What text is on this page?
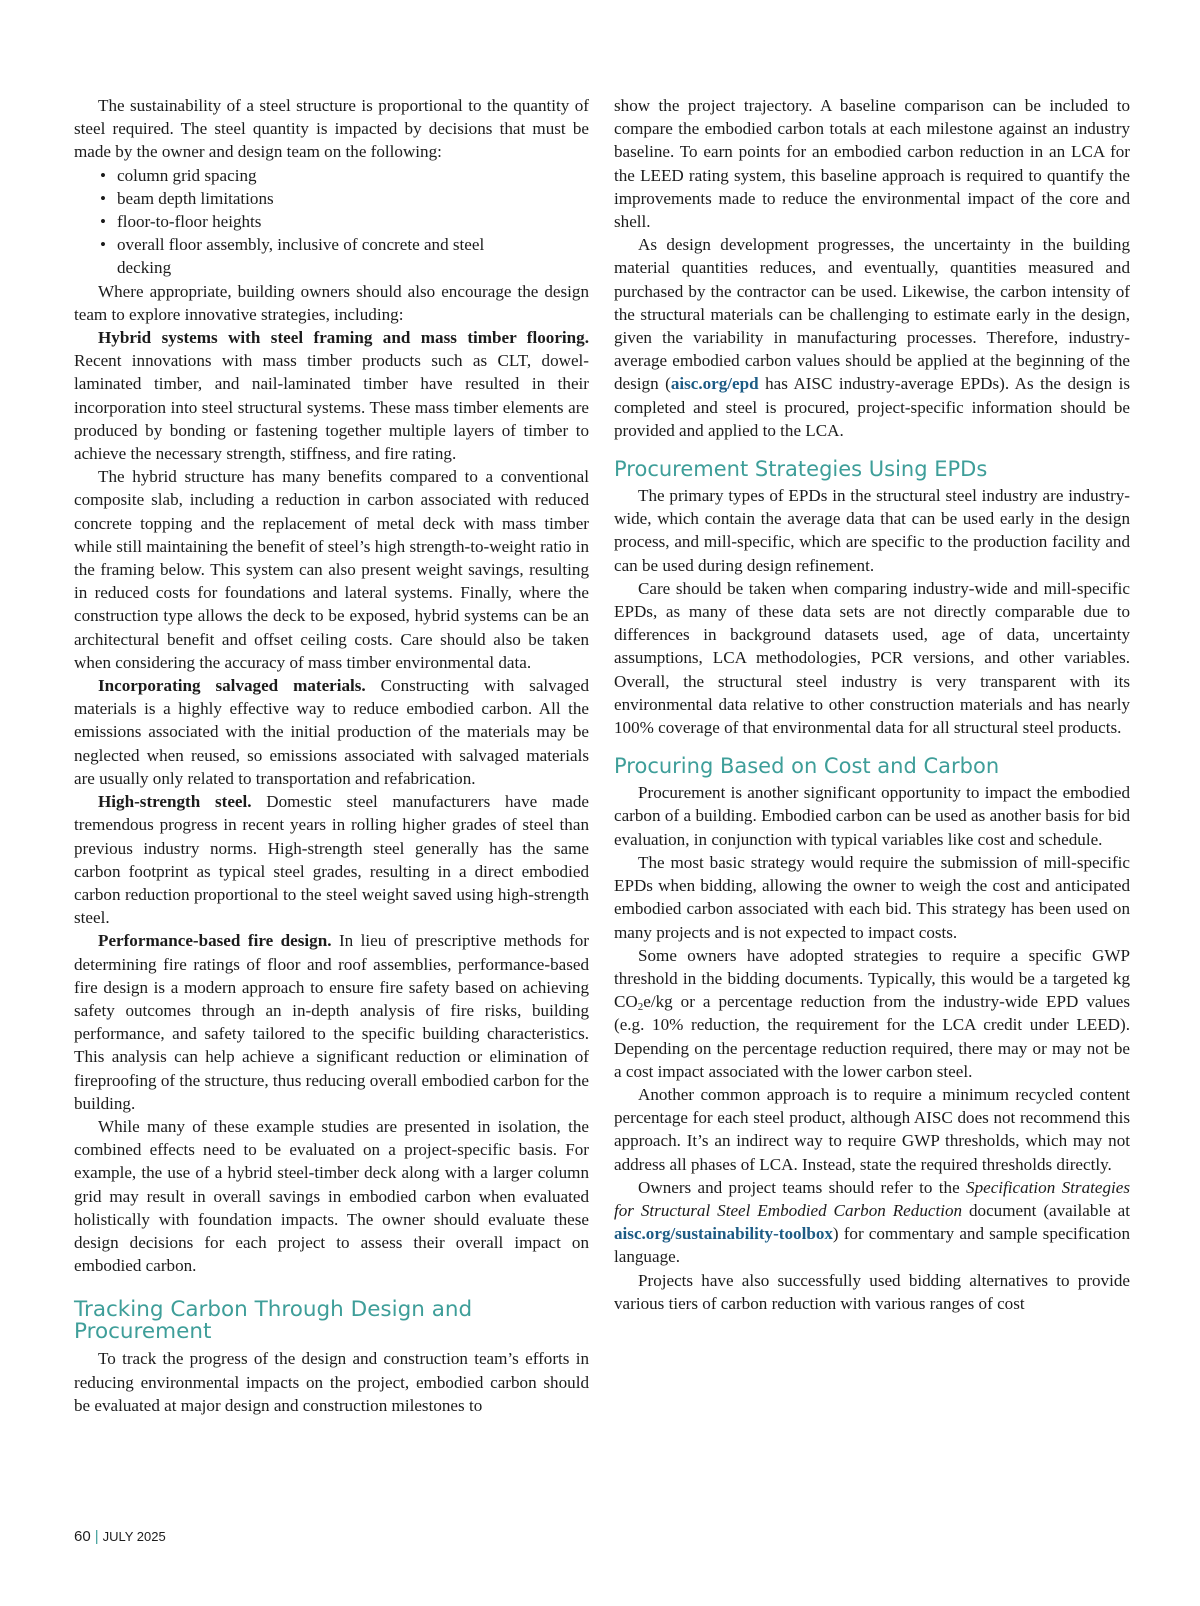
The sustainability of a steel structure is proportional to the quantity of steel required. The steel quantity is impacted by decisions that must be made by the owner and design team on the following:

• column grid spacing
• beam depth limitations
• floor-to-floor heights
• overall floor assembly, inclusive of concrete and steel decking

Where appropriate, building owners should also encourage the design team to explore innovative strategies, including:

Hybrid systems with steel framing and mass timber flooring. Recent innovations with mass timber products such as CLT, dowel-laminated timber, and nail-laminated timber have resulted in their incorporation into steel structural systems. These mass timber elements are produced by bonding or fastening together multiple layers of timber to achieve the necessary strength, stiffness, and fire rating.

The hybrid structure has many benefits compared to a conventional composite slab, including a reduction in carbon associated with reduced concrete topping and the replacement of metal deck with mass timber while still maintaining the benefit of steel’s high strength-to-weight ratio in the framing below. This system can also present weight savings, resulting in reduced costs for foundations and lateral systems. Finally, where the construction type allows the deck to be exposed, hybrid systems can be an architectural benefit and offset ceiling costs. Care should also be taken when considering the accuracy of mass timber environmental data.

Incorporating salvaged materials. Constructing with salvaged materials is a highly effective way to reduce embodied carbon. All the emissions associated with the initial production of the materials may be neglected when reused, so emissions associated with salvaged materials are usually only related to transportation and refabrication.

High-strength steel. Domestic steel manufacturers have made tremendous progress in recent years in rolling higher grades of steel than previous industry norms. High-strength steel generally has the same carbon footprint as typical steel grades, resulting in a direct embodied carbon reduction proportional to the steel weight saved using high-strength steel.

Performance-based fire design. In lieu of prescriptive methods for determining fire ratings of floor and roof assemblies, performance-based fire design is a modern approach to ensure fire safety based on achieving safety outcomes through an in-depth analysis of fire risks, building performance, and safety tailored to the specific building characteristics. This analysis can help achieve a significant reduction or elimination of fireproofing of the structure, thus reducing overall embodied carbon for the building.

While many of these example studies are presented in isolation, the combined effects need to be evaluated on a project-specific basis. For example, the use of a hybrid steel-timber deck along with a larger column grid may result in overall savings in embodied carbon when evaluated holistically with foundation impacts. The owner should evaluate these design decisions for each project to assess their overall impact on embodied carbon.

Tracking Carbon Through Design and Procurement

To track the progress of the design and construction team’s efforts in reducing environmental impacts on the project, embodied carbon should be evaluated at major design and construction milestones to

show the project trajectory. A baseline comparison can be included to compare the embodied carbon totals at each milestone against an industry baseline. To earn points for an embodied carbon reduction in an LCA for the LEED rating system, this baseline approach is required to quantify the improvements made to reduce the environmental impact of the core and shell.

As design development progresses, the uncertainty in the building material quantities reduces, and eventually, quantities measured and purchased by the contractor can be used. Likewise, the carbon intensity of the structural materials can be challenging to estimate early in the design, given the variability in manufacturing processes. Therefore, industry-average embodied carbon values should be applied at the beginning of the design (aisc.org/epd has AISC industry-average EPDs). As the design is completed and steel is procured, project-specific information should be provided and applied to the LCA.

Procurement Strategies Using EPDs

The primary types of EPDs in the structural steel industry are industry-wide, which contain the average data that can be used early in the design process, and mill-specific, which are specific to the production facility and can be used during design refinement.

Care should be taken when comparing industry-wide and mill-specific EPDs, as many of these data sets are not directly comparable due to differences in background datasets used, age of data, uncertainty assumptions, LCA methodologies, PCR versions, and other variables. Overall, the structural steel industry is very transparent with its environmental data relative to other construction materials and has nearly 100% coverage of that environmental data for all structural steel products.

Procuring Based on Cost and Carbon

Procurement is another significant opportunity to impact the embodied carbon of a building. Embodied carbon can be used as another basis for bid evaluation, in conjunction with typical variables like cost and schedule.

The most basic strategy would require the submission of mill-specific EPDs when bidding, allowing the owner to weigh the cost and anticipated embodied carbon associated with each bid. This strategy has been used on many projects and is not expected to impact costs.

Some owners have adopted strategies to require a specific GWP threshold in the bidding documents. Typically, this would be a targeted kg $CO_2e/kg$ or a percentage reduction from the industry-wide EPD values (e.g. 10% reduction, the requirement for the LCA credit under LEED). Depending on the percentage reduction required, there may or may not be a cost impact associated with the lower carbon steel.

Another common approach is to require a minimum recycled content percentage for each steel product, although AISC does not recommend this approach. It’s an indirect way to require GWP thresholds, which may not address all phases of LCA. Instead, state the required thresholds directly.

Owners and project teams should refer to the Specification Strategies for Structural Steel Embodied Carbon Reduction document (available at aisc.org/sustainability-toolbox) for commentary and sample specification language.

Projects have also successfully used bidding alternatives to provide various tiers of carbon reduction with various ranges of cost

60 | JULY 2025
